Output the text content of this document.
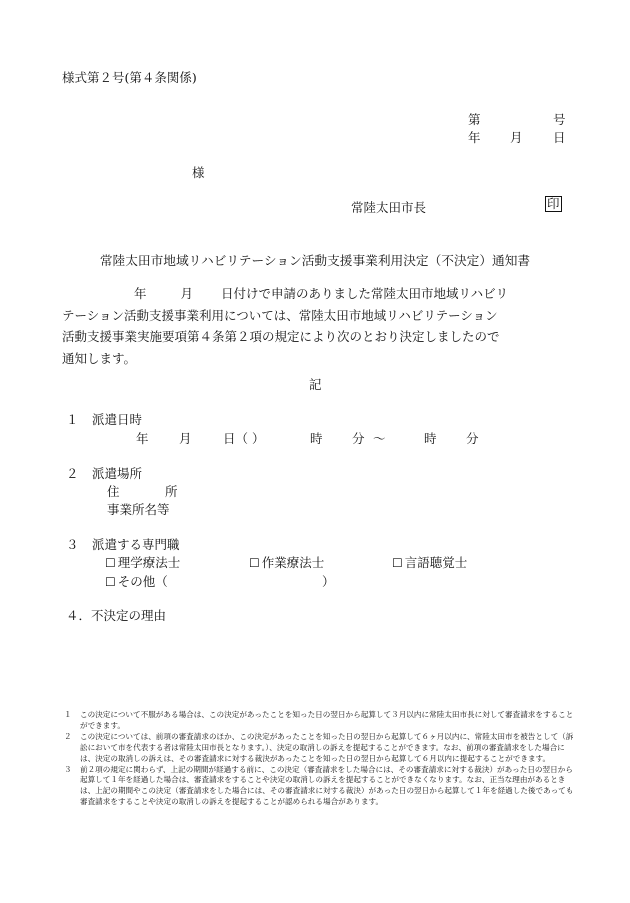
様式第２号(第４条関係)
第	号
年 月 日
様
常陸太田市長	印
常陸太田市地域リハビリテーション活動支援事業利用決定（不決定）通知書
年	月 日付けで申請のありました常陸太田市地域リハビリ
テーション活動支援事業利用については、常陸太田市地域リハビリテーション
活動支援事業実施要項第４条第２項の規定により次のとおり決定しましたので
通知します。
記
１ 派遣日時
年 月	日（ ）	時 分 ～	時 分
２ 派遣場所
住	所
事業所名等
３ 派遣する専門職
☐ 理学療法士	☐ 作業療法士	☐ 言語聴覚士
☐ その他（	）
４．不決定の理由
１	この決定について不服がある場合は、この決定があったことを知った日の翌日から起算して３月以内に常陸太田市長に対して審査請求をすることができます。
２	この決定については、前項の審査請求のほか、この決定があったことを知った日の翌日から起算して６ヶ月以内に、常陸太田市を被告として（訴訟において市を代表する者は常陸太田市長となります。）、決定の取消しの訴えを提起することができます。なお、前項の審査請求をした場合には、決定の取消しの訴えは、その審査請求に対する裁決があったことを知った日の翌日から起算して６月以内に提起することができます。
３	前２項の規定に関わらず、上記の期間が経過する前に、この決定（審査請求をした場合には、その審査請求に対する裁決）があった日の翌日から起算して１年を経過した場合は、審査請求をすることや決定の取消しの訴えを提起することができなくなります。なお、正当な理由があるときは、上記の期間やこの決定（審査請求をした場合には、その審査請求に対する裁決）があった日の翌日から起算して１年を経過した後であっても審査請求をすることや決定の取消しの訴えを提起することが認められる場合があります。
